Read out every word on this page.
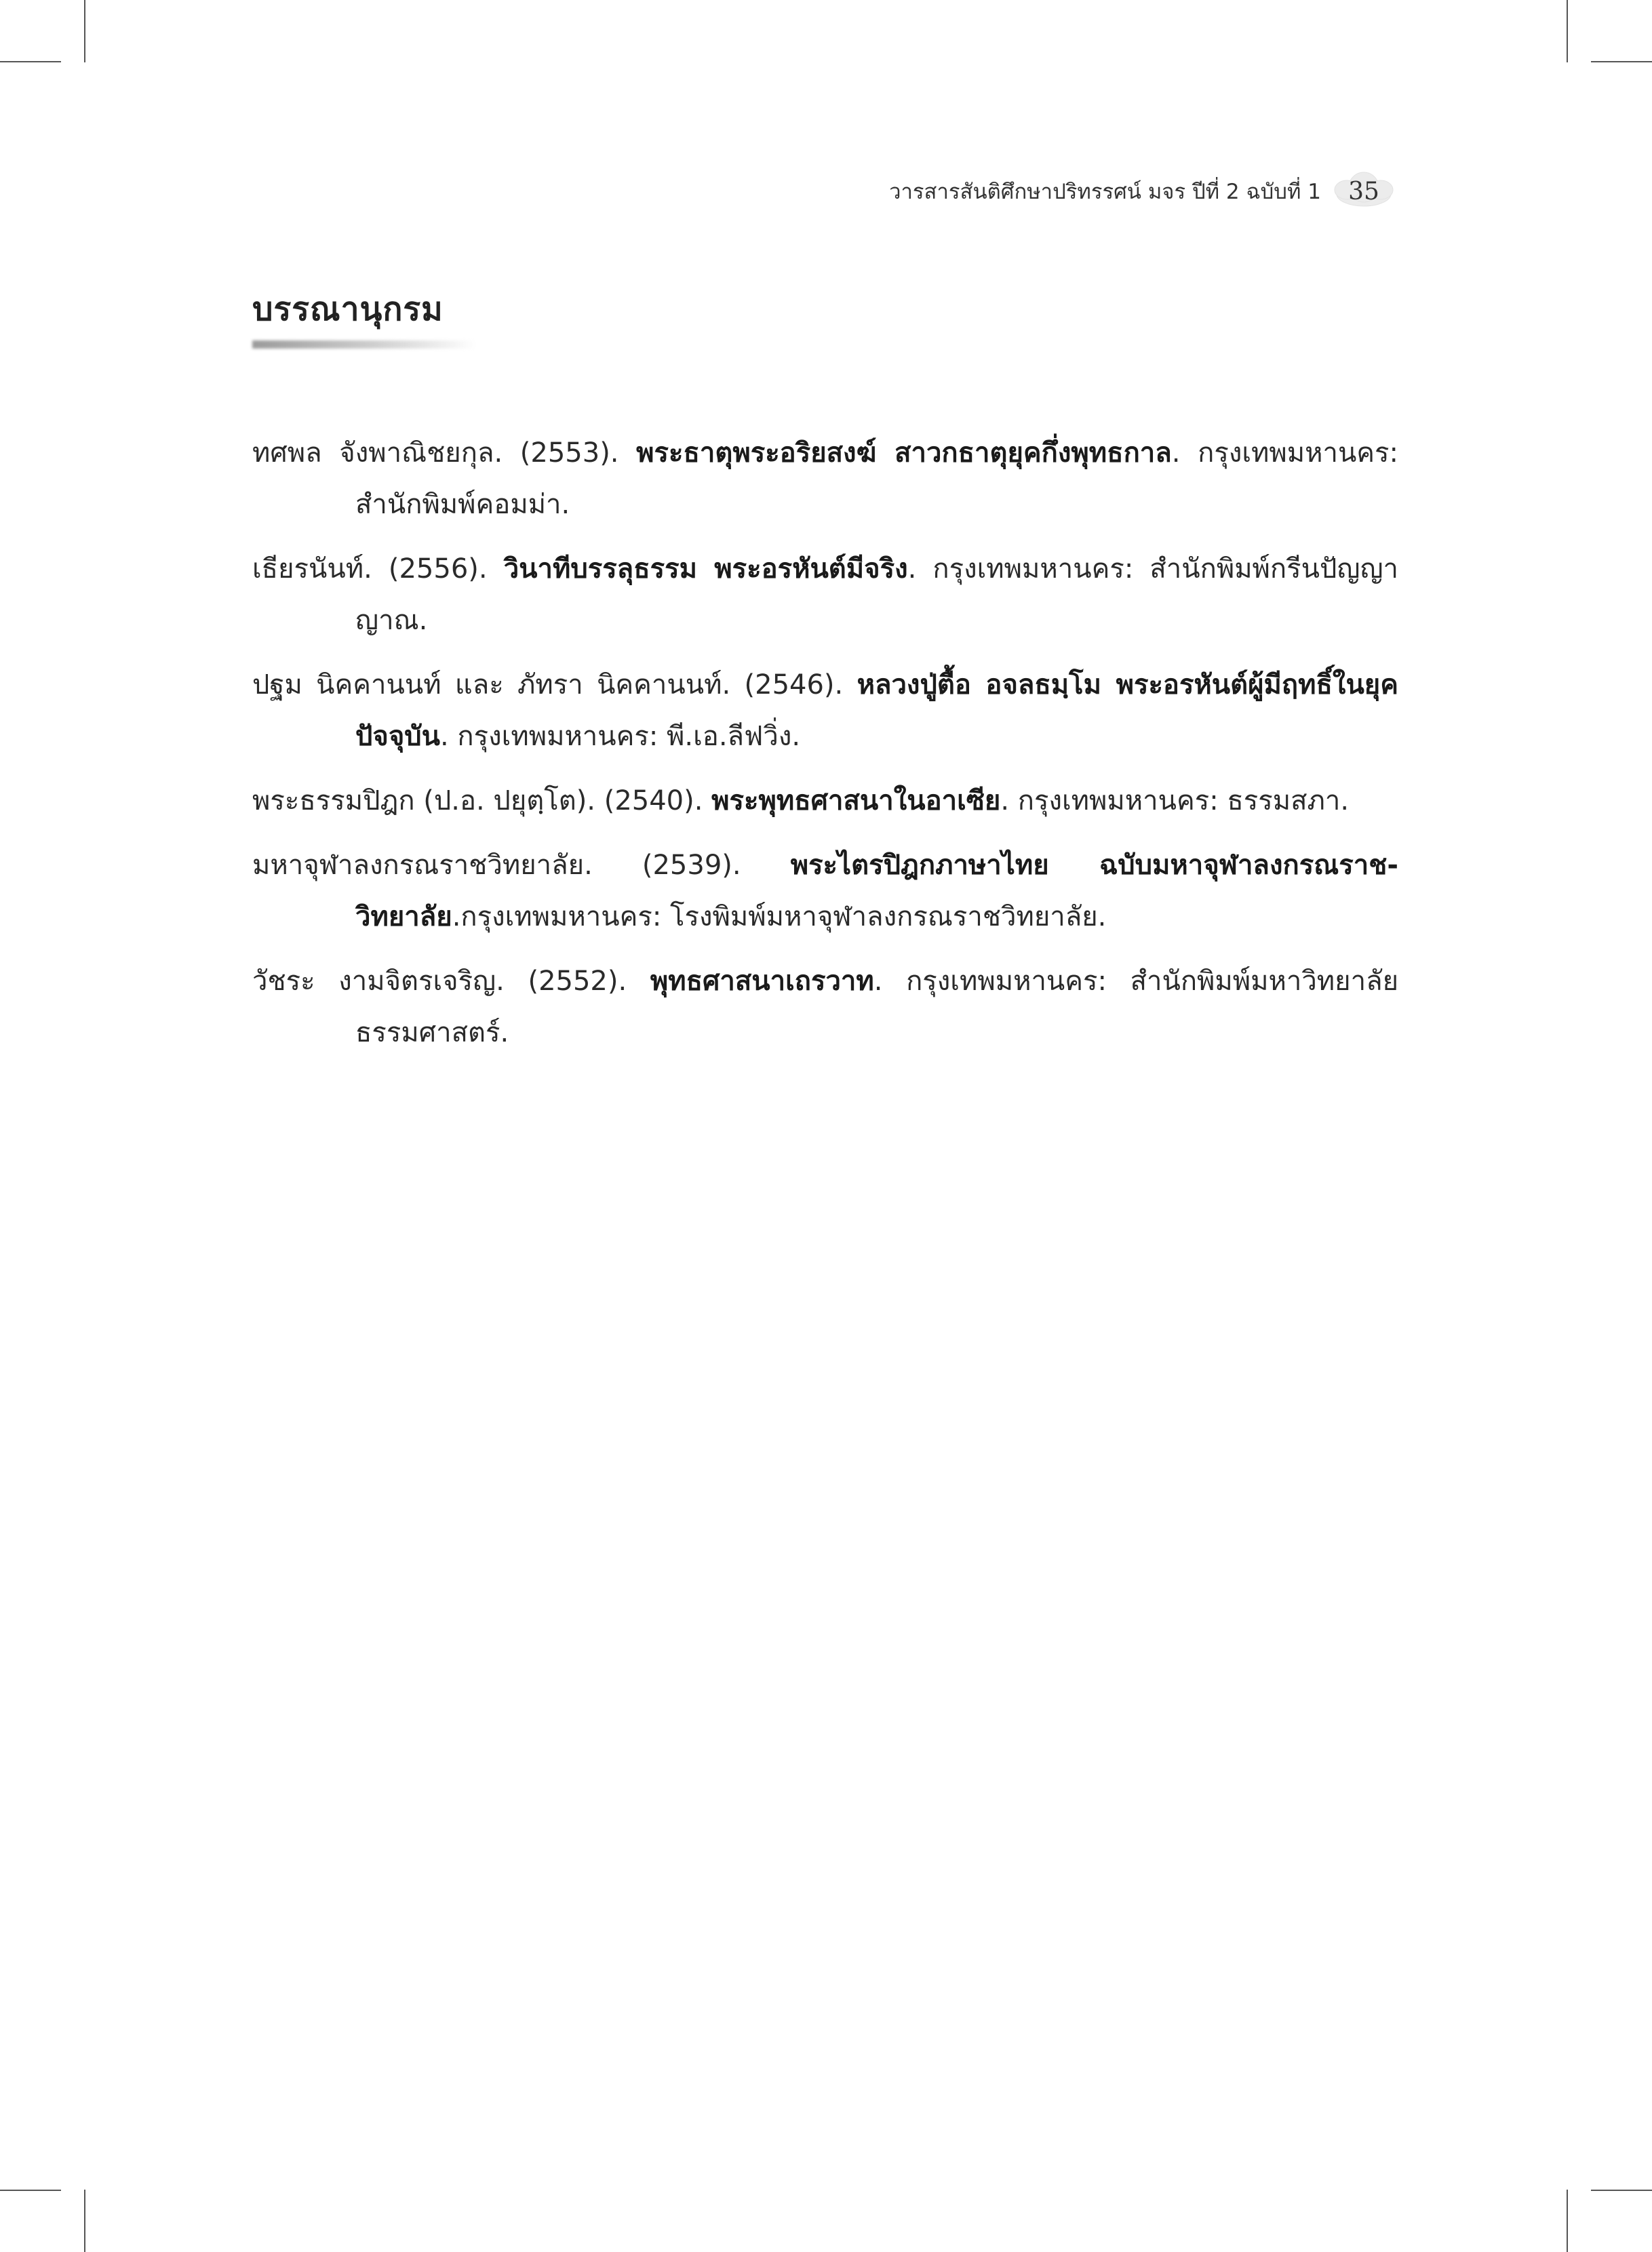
วารสารสันติศึกษาปริทรรศน์ มจร ปีที่ 2 ฉบับที่ 1 35
บรรณานุกรม
ทศพล จังพาณิชยกุล. (2553). พระธาตุพระอริยสงฆ์ สาวกธาตุยุคกึ่งพุทธกาล. กรุงเทพมหานคร: สำนักพิมพ์คอมม่า.
เธียรนันท์. (2556). วินาทีบรรลุธรรม พระอรหันต์มีจริง. กรุงเทพมหานคร: สำนักพิมพ์กรีนปัญญาญาณ.
ปฐม นิคคานนท์ และ ภัทรา นิคคานนท์. (2546). หลวงปู่ตื้อ อจลธมฺโม พระอรหันต์ผู้มีฤทธิ์ในยุคปัจจุบัน. กรุงเทพมหานคร: พี.เอ.ลีฟวิ่ง.
พระธรรมปิฎก (ป.อ. ปยุตฺโต). (2540). พระพุทธศาสนาในอาเซีย. กรุงเทพมหานคร: ธรรมสภา.
มหาจุฬาลงกรณราชวิทยาลัย. (2539). พระไตรปิฎกภาษาไทย ฉบับมหาจุฬาลงกรณราช-วิทยาลัย.กรุงเทพมหานคร: โรงพิมพ์มหาจุฬาลงกรณราชวิทยาลัย.
วัชระ งามจิตรเจริญ. (2552). พุทธศาสนาเถรวาท. กรุงเทพมหานคร: สำนักพิมพ์มหาวิทยาลัยธรรมศาสตร์.
